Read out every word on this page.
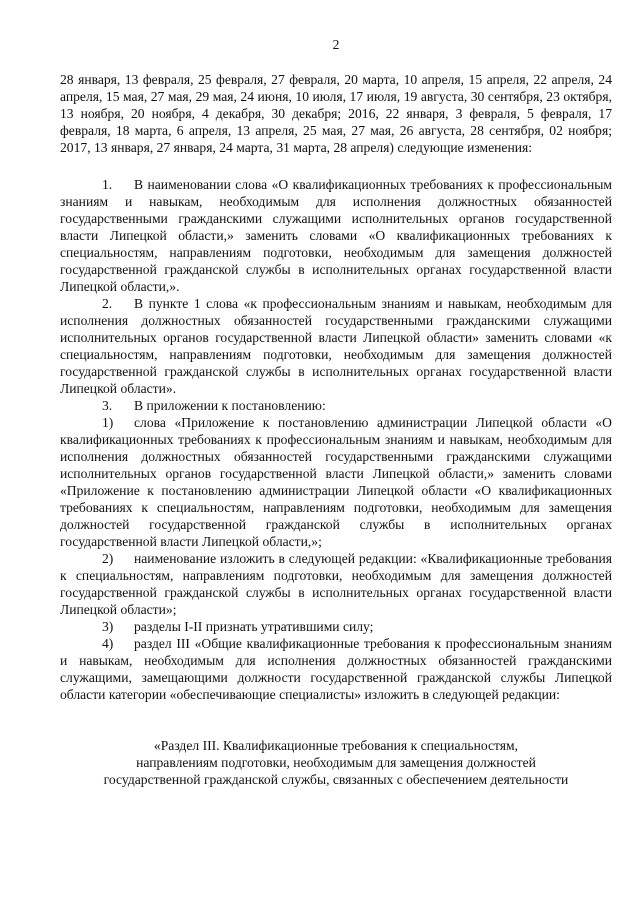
2

28 января, 13 февраля, 25 февраля, 27 февраля, 20 марта, 10 апреля, 15 апреля, 22 апреля, 24 апреля, 15 мая, 27 мая, 29 мая, 24 июня, 10 июля, 17 июля, 19 августа, 30 сентября, 23 октября, 13 ноября, 20 ноября, 4 декабря, 30 декабря; 2016, 22 января, 3 февраля, 5 февраля, 17 февраля, 18 марта, 6 апреля, 13 апреля, 25 мая, 27 мая, 26 августа, 28 сентября, 02 ноября; 2017, 13 января, 27 января, 24 марта, 31 марта, 28 апреля) следующие изменения:

1. В наименовании слова «О квалификационных требованиях к профессиональным знаниям и навыкам, необходимым для исполнения должностных обязанностей государственными гражданскими служащими исполнительных органов государственной власти Липецкой области,» заменить словами «О квалификационных требованиях к специальностям, направлениям подготовки, необходимым для замещения должностей государственной гражданской службы в исполнительных органах государственной власти Липецкой области,».

2. В пункте 1 слова «к профессиональным знаниям и навыкам, необходимым для исполнения должностных обязанностей государственными гражданскими служащими исполнительных органов государственной власти Липецкой области» заменить словами «к специальностям, направлениям подготовки, необходимым для замещения должностей государственной гражданской службы в исполнительных органах государственной власти Липецкой области».

3. В приложении к постановлению:

1) слова «Приложение к постановлению администрации Липецкой области «О квалификационных требованиях к профессиональным знаниям и навыкам, необходимым для исполнения должностных обязанностей государственными гражданскими служащими исполнительных органов государственной власти Липецкой области,» заменить словами «Приложение к постановлению администрации Липецкой области «О квалификационных требованиях к специальностям, направлениям подготовки, необходимым для замещения должностей государственной гражданской службы в исполнительных органах государственной власти Липецкой области,»;

2) наименование изложить в следующей редакции: «Квалификационные требования к специальностям, направлениям подготовки, необходимым для замещения должностей государственной гражданской службы в исполнительных органах государственной власти Липецкой области»;

3) разделы I-II признать утратившими силу;

4) раздел III «Общие квалификационные требования к профессиональным знаниям и навыкам, необходимым для исполнения должностных обязанностей гражданскими служащими, замещающими должности государственной гражданской службы Липецкой области категории «обеспечивающие специалисты» изложить в следующей редакции:

«Раздел III. Квалификационные требования к специальностям,
направлениям подготовки, необходимым для замещения должностей
государственной гражданской службы, связанных с обеспечением деятельности
